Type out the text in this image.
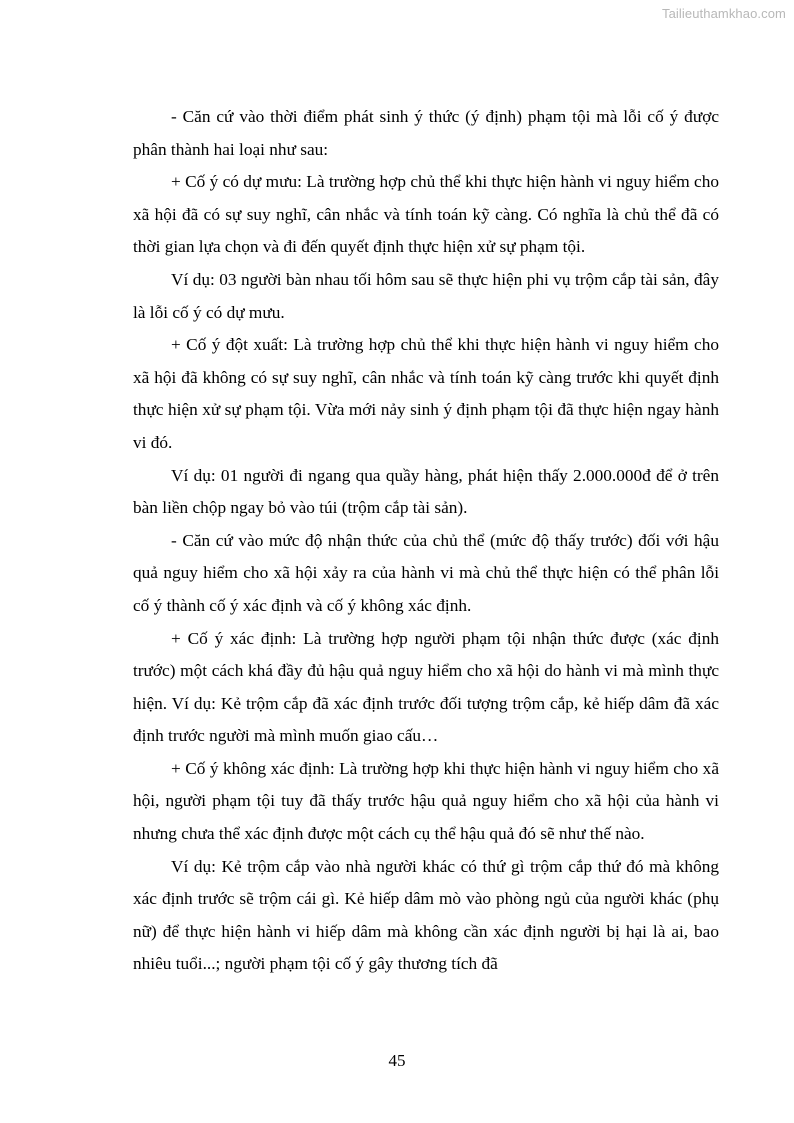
Tailieuthamkhao.com

- Căn cứ vào thời điểm phát sinh ý thức (ý định) phạm tội mà lỗi cố ý được phân thành hai loại như sau:

+ Cố ý có dự mưu: Là trường hợp chủ thể khi thực hiện hành vi nguy hiểm cho xã hội đã có sự suy nghĩ, cân nhắc và tính toán kỹ càng. Có nghĩa là chủ thể đã có thời gian lựa chọn và đi đến quyết định thực hiện xử sự phạm tội.

Ví dụ: 03 người bàn nhau tối hôm sau sẽ thực hiện phi vụ trộm cắp tài sản, đây là lỗi cố ý có dự mưu.

+ Cố ý đột xuất: Là trường hợp chủ thể khi thực hiện hành vi nguy hiểm cho xã hội đã không có sự suy nghĩ, cân nhắc và tính toán kỹ càng trước khi quyết định thực hiện xử sự phạm tội. Vừa mới nảy sinh ý định phạm tội đã thực hiện ngay hành vi đó.

Ví dụ: 01 người đi ngang qua quầy hàng, phát hiện thấy 2.000.000đ để ở trên bàn liền chộp ngay bỏ vào túi (trộm cắp tài sản).

- Căn cứ vào mức độ nhận thức của chủ thể (mức độ thấy trước) đối với hậu quả nguy hiểm cho xã hội xảy ra của hành vi mà chủ thể thực hiện có thể phân lỗi cố ý thành cố ý xác định và cố ý không xác định.

+ Cố ý xác định: Là trường hợp người phạm tội nhận thức được (xác định trước) một cách khá đầy đủ hậu quả nguy hiểm cho xã hội do hành vi mà mình thực hiện. Ví dụ: Kẻ trộm cắp đã xác định trước đối tượng trộm cắp, kẻ hiếp dâm đã xác định trước người mà mình muốn giao cấu…

+ Cố ý không xác định: Là trường hợp khi thực hiện hành vi nguy hiểm cho xã hội, người phạm tội tuy đã thấy trước hậu quả nguy hiểm cho xã hội của hành vi nhưng chưa thể xác định được một cách cụ thể hậu quả đó sẽ như thế nào.

Ví dụ: Kẻ trộm cắp vào nhà người khác có thứ gì trộm cắp thứ đó mà không xác định trước sẽ trộm cái gì. Kẻ hiếp dâm mò vào phòng ngủ của người khác (phụ nữ) để thực hiện hành vi hiếp dâm mà không cần xác định người bị hại là ai, bao nhiêu tuổi...; người phạm tội cố ý gây thương tích đã

45
